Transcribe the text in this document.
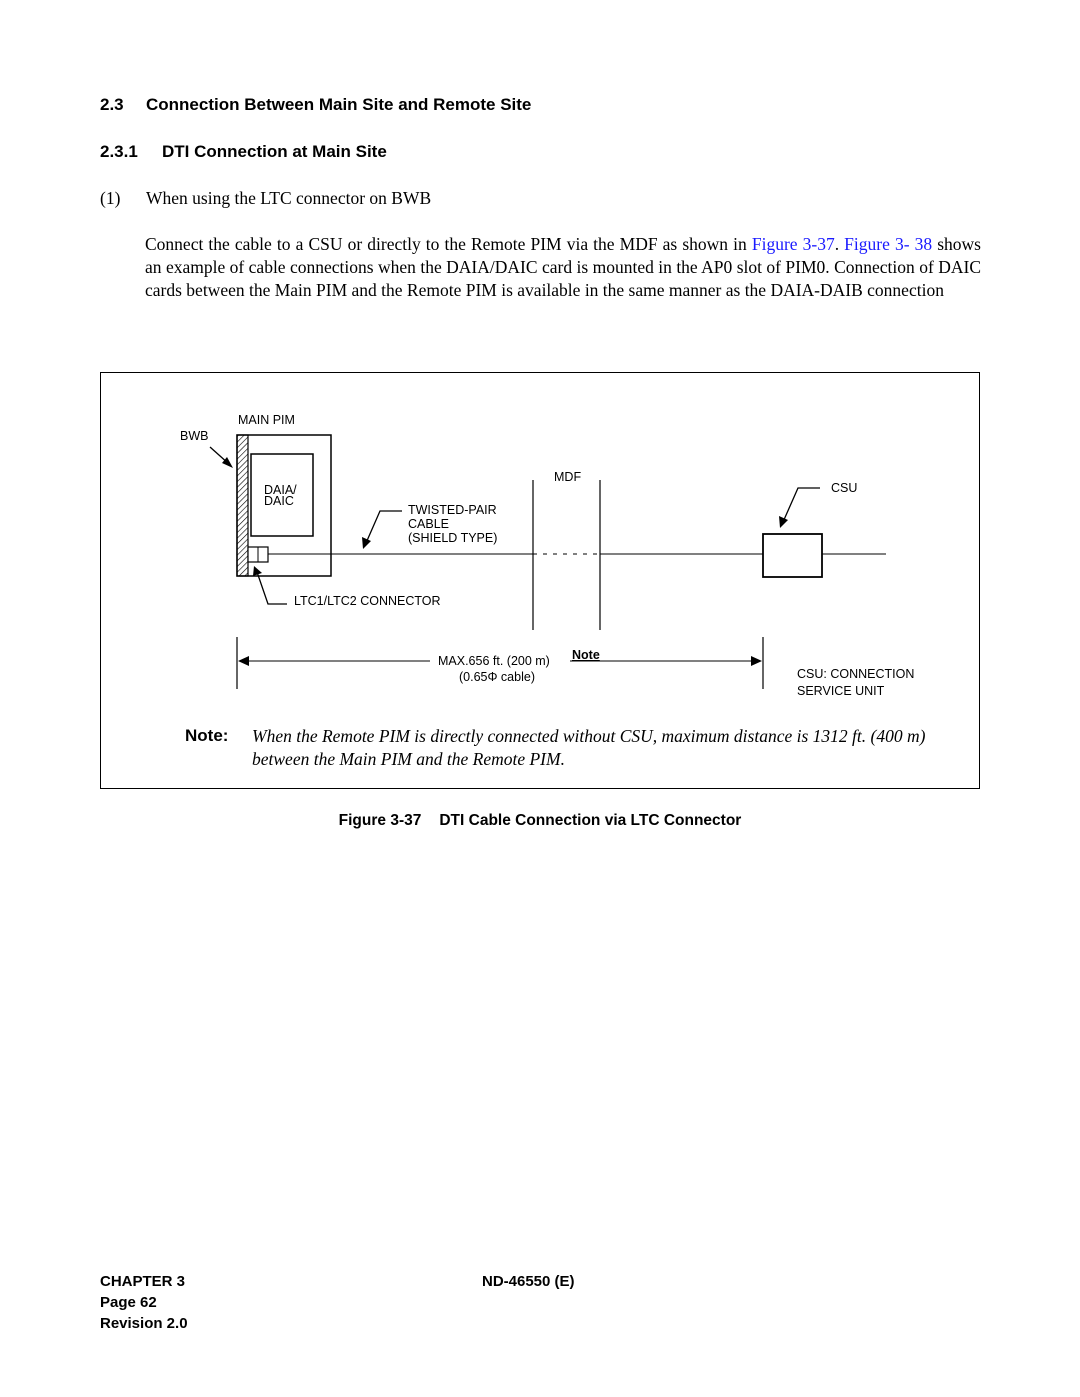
2.3 Connection Between Main Site and Remote Site
2.3.1 DTI Connection at Main Site
(1) When using the LTC connector on BWB
Connect the cable to a CSU or directly to the Remote PIM via the MDF as shown in Figure 3-37. Figure 3- 38 shows an example of cable connections when the DAIA/DAIC card is mounted in the AP0 slot of PIM0. Connection of DAIC cards between the Main PIM and the Remote PIM is available in the same manner as the DAIA-DAIB connection
MAIN PIM
BWB
DAIA/
DAIC
MDF
CSU
TWISTED-PAIR
CABLE
(SHIELD TYPE)
LTC1/LTC2 CONNECTOR
MAX.656 ft. (200 m)
(0.65Φ cable)
Note
CSU: CONNECTION
SERVICE UNIT
Note:	When the Remote PIM is directly connected without CSU, maximum distance is 1312 ft. (400 m) between the Main PIM and the Remote PIM.
Figure 3-37 DTI Cable Connection via LTC Connector
CHAPTER 3
Page 62
Revision 2.0
ND-46550 (E)
